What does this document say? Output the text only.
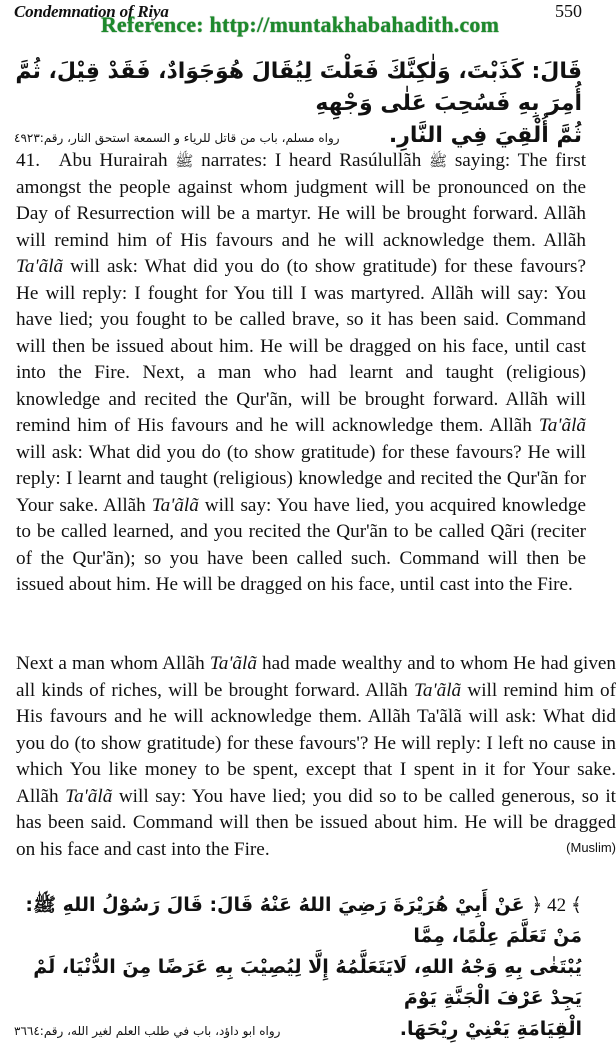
Condemnation of Riya	550
Reference: http://muntakhabahadith.com
قَالَ: كَذَبْتَ، وَلٰكِنَّكَ فَعَلْتَ لِيُقَالَ هُوَجَوَادٌ، فَقَدْ قِيْلَ، ثُمَّ أُمِرَ بِهِ فَسُحِبَ عَلٰى وَجْهِهِ
ثُمَّ أُلْقِيَ فِي النَّارِ.
رواه مسلم، باب من قاتل للرياء و السمعة استحق النار، رقم:٤٩٢٣
41. Abu Hurairah ﷺ narrates: I heard Rasúlullãh ﷺ saying: The first amongst the people against whom judgment will be pronounced on the Day of Resurrection will be a martyr. He will be brought forward. Allãh will remind him of His favours and he will acknowledge them. Allãh Ta'ãlã will ask: What did you do (to show gratitude) for these favours? He will reply: I fought for You till I was martyred. Allãh will say: You have lied; you fought to be called brave, so it has been said. Command will then be issued about him. He will be dragged on his face, until cast into the Fire. Next, a man who had learnt and taught (religious) knowledge and recited the Qur'ãn, will be brought forward. Allãh will remind him of His favours and he will acknowledge them. Allãh Ta'ãlã will ask: What did you do (to show gratitude) for these favours? He will reply: I learnt and taught (religious) knowledge and recited the Qur'ãn for Your sake. Allãh Ta'ãlã will say: You have lied, you acquired knowledge to be called learned, and you recited the Qur'ãn to be called Qãri (reciter of the Qur'ãn); so you have been called such. Command will then be issued about him. He will be dragged on his face, until cast into the Fire.
Next a man whom Allãh Ta'ãlã had made wealthy and to whom He had given all kinds of riches, will be brought forward. Allãh Ta'ãlã will remind him of His favours and he will acknowledge them. Allãh Ta'ãlã will ask: What did you do (to show gratitude) for these favours'? He will reply: I left no cause in which You like money to be spent, except that I spent in it for Your sake. Allãh Ta'ãlã will say: You have lied; you did so to be called generous, so it has been said. Command will then be issued about him. He will be dragged on his face and cast into the Fire.	(Muslim)
﴿ 42 ﴾ عَنْ أَبِيْ هُرَيْرَةَ رَضِيَ اللهُ عَنْهُ قَالَ: قَالَ رَسُوْلُ اللهِ ﷺ: مَنْ تَعَلَّمَ عِلْمًا، مِمَّا
يُبْتَغٰى بِهِ وَجْهُ اللهِ، لَايَتَعَلَّمُهُ إِلَّا لِيُصِيْبَ بِهِ عَرَضًا مِنَ الدُّنْيَا، لَمْ يَجِدْ عَرْفَ الْجَنَّةِ يَوْمَ
الْقِيَامَةِ يَعْنِيْ رِيْحَهَا.
رواه ابو داؤد، باب في طلب العلم لغير الله، رقم:٣٦٦٤
